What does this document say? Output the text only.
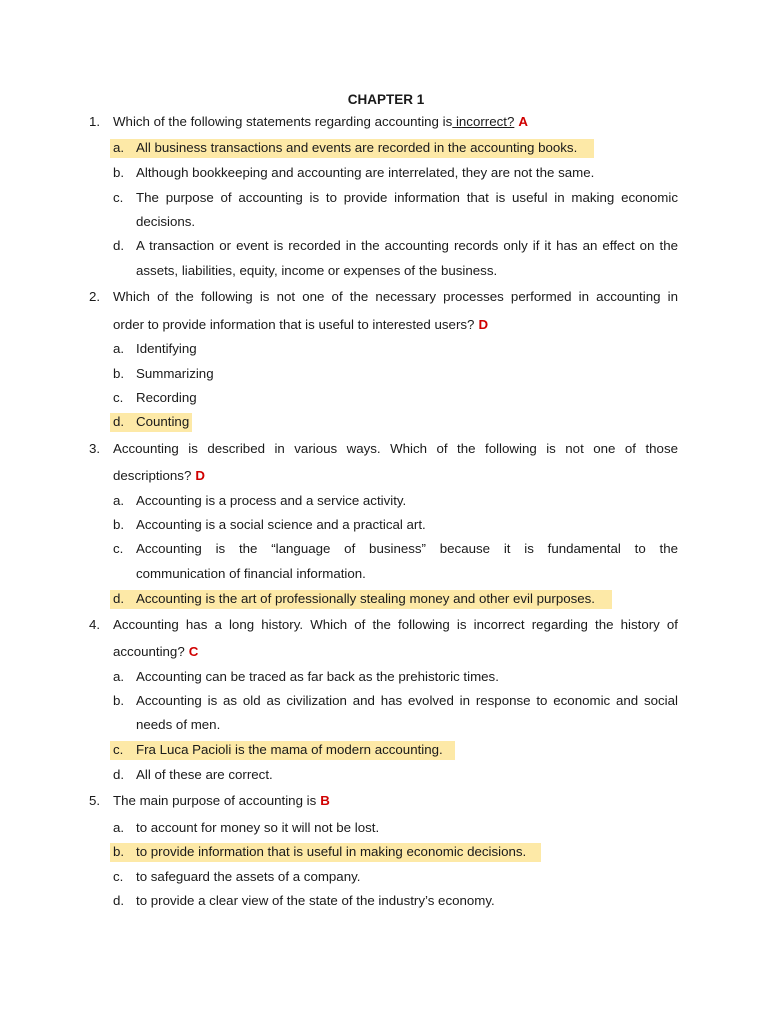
CHAPTER 1
1. Which of the following statements regarding accounting is incorrect? A
a. All business transactions and events are recorded in the accounting books.
b. Although bookkeeping and accounting are interrelated, they are not the same.
c. The purpose of accounting is to provide information that is useful in making economic
decisions.
d. A transaction or event is recorded in the accounting records only if it has an effect on the
assets, liabilities, equity, income or expenses of the business.
2. Which of the following is not one of the necessary processes performed in accounting in
order to provide information that is useful to interested users? D
a. Identifying
b. Summarizing
c. Recording
d. Counting
3. Accounting is described in various ways. Which of the following is not one of those
descriptions? D
a. Accounting is a process and a service activity.
b. Accounting is a social science and a practical art.
c. Accounting is the “language of business” because it is fundamental to the
communication of financial information.
d. Accounting is the art of professionally stealing money and other evil purposes.
4. Accounting has a long history. Which of the following is incorrect regarding the history of
accounting? C
a. Accounting can be traced as far back as the prehistoric times.
b. Accounting is as old as civilization and has evolved in response to economic and social
needs of men.
c. Fra Luca Pacioli is the mama of modern accounting.
d. All of these are correct.
5. The main purpose of accounting is B
a. to account for money so it will not be lost.
b. to provide information that is useful in making economic decisions.
c. to safeguard the assets of a company.
d. to provide a clear view of the state of the industry’s economy.
